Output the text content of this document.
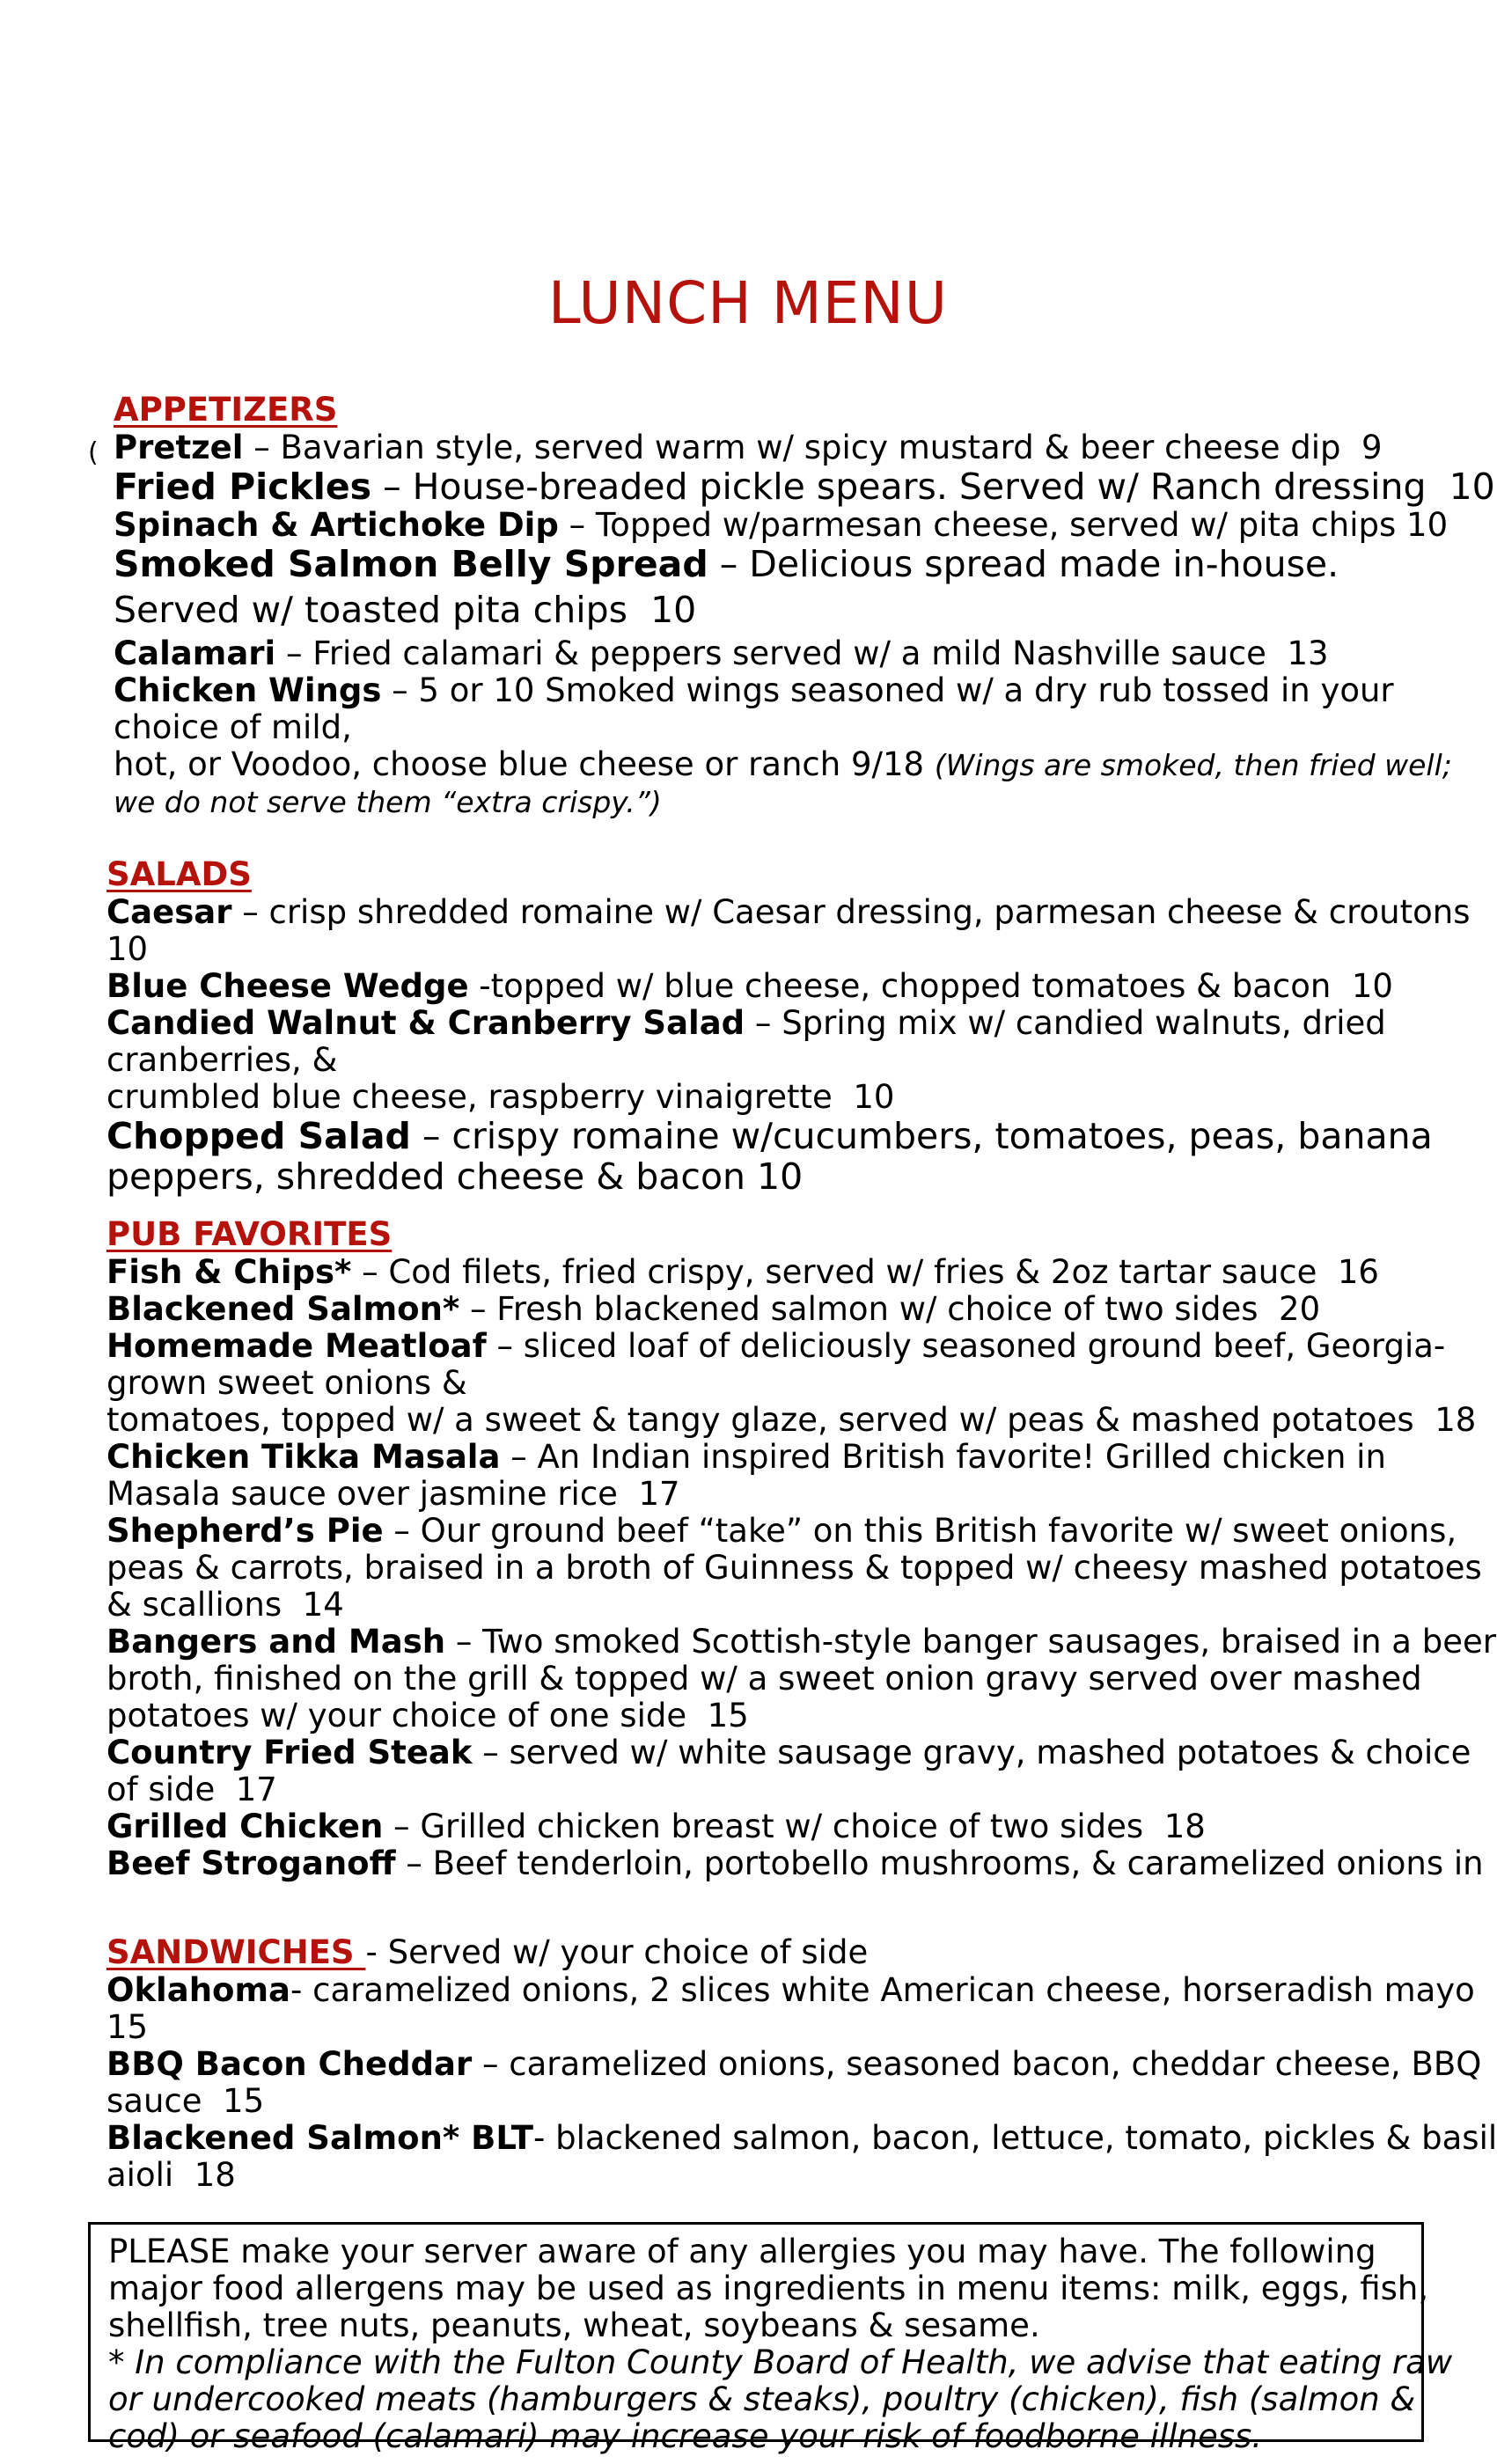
LUNCH MENU
(
APPETIZERS
Pretzel – Bavarian style, served warm w/ spicy mustard & beer cheese dip 9
Fried Pickles – House-breaded pickle spears. Served w/ Ranch dressing 10
Spinach & Artichoke Dip – Topped w/parmesan cheese, served w/ pita chips 10
Smoked Salmon Belly Spread – Delicious spread made in-house.
Served w/ toasted pita chips 10
Calamari – Fried calamari & peppers served w/ a mild Nashville sauce 13
Chicken Wings – 5 or 10 Smoked wings seasoned w/ a dry rub tossed in your
choice of mild,
hot, or Voodoo, choose blue cheese or ranch 9/18 (Wings are smoked, then fried well;
we do not serve them “extra crispy.”)
SALADS
Caesar – crisp shredded romaine w/ Caesar dressing, parmesan cheese & croutons
10
Blue Cheese Wedge -topped w/ blue cheese, chopped tomatoes & bacon 10
Candied Walnut & Cranberry Salad – Spring mix w/ candied walnuts, dried
cranberries, &
crumbled blue cheese, raspberry vinaigrette 10
Chopped Salad – crispy romaine w/cucumbers, tomatoes, peas, banana
peppers, shredded cheese & bacon 10
PUB FAVORITES
Fish & Chips* – Cod filets, fried crispy, served w/ fries & 2oz tartar sauce 16
Blackened Salmon* – Fresh blackened salmon w/ choice of two sides 20
Homemade Meatloaf – sliced loaf of deliciously seasoned ground beef, Georgia-
grown sweet onions &
tomatoes, topped w/ a sweet & tangy glaze, served w/ peas & mashed potatoes 18
Chicken Tikka Masala – An Indian inspired British favorite! Grilled chicken in
Masala sauce over jasmine rice 17
Shepherd’s Pie – Our ground beef “take” on this British favorite w/ sweet onions,
peas & carrots, braised in a broth of Guinness & topped w/ cheesy mashed potatoes
& scallions 14
Bangers and Mash – Two smoked Scottish-style banger sausages, braised in a beer
broth, finished on the grill & topped w/ a sweet onion gravy served over mashed
potatoes w/ your choice of one side 15
Country Fried Steak – served w/ white sausage gravy, mashed potatoes & choice
of side 17
Grilled Chicken – Grilled chicken breast w/ choice of two sides 18
Beef Stroganoff – Beef tenderloin, portobello mushrooms, & caramelized onions in
SANDWICHES - Served w/ your choice of side
Oklahoma- caramelized onions, 2 slices white American cheese, horseradish mayo
15
BBQ Bacon Cheddar – caramelized onions, seasoned bacon, cheddar cheese, BBQ
sauce 15
Blackened Salmon* BLT- blackened salmon, bacon, lettuce, tomato, pickles & basil
aioli 18
PLEASE make your server aware of any allergies you may have. The following
major food allergens may be used as ingredients in menu items: milk, eggs, fish,
shellfish, tree nuts, peanuts, wheat, soybeans & sesame.
* In compliance with the Fulton County Board of Health, we advise that eating raw
or undercooked meats (hamburgers & steaks), poultry (chicken), fish (salmon &
cod) or seafood (calamari) may increase your risk of foodborne illness.
